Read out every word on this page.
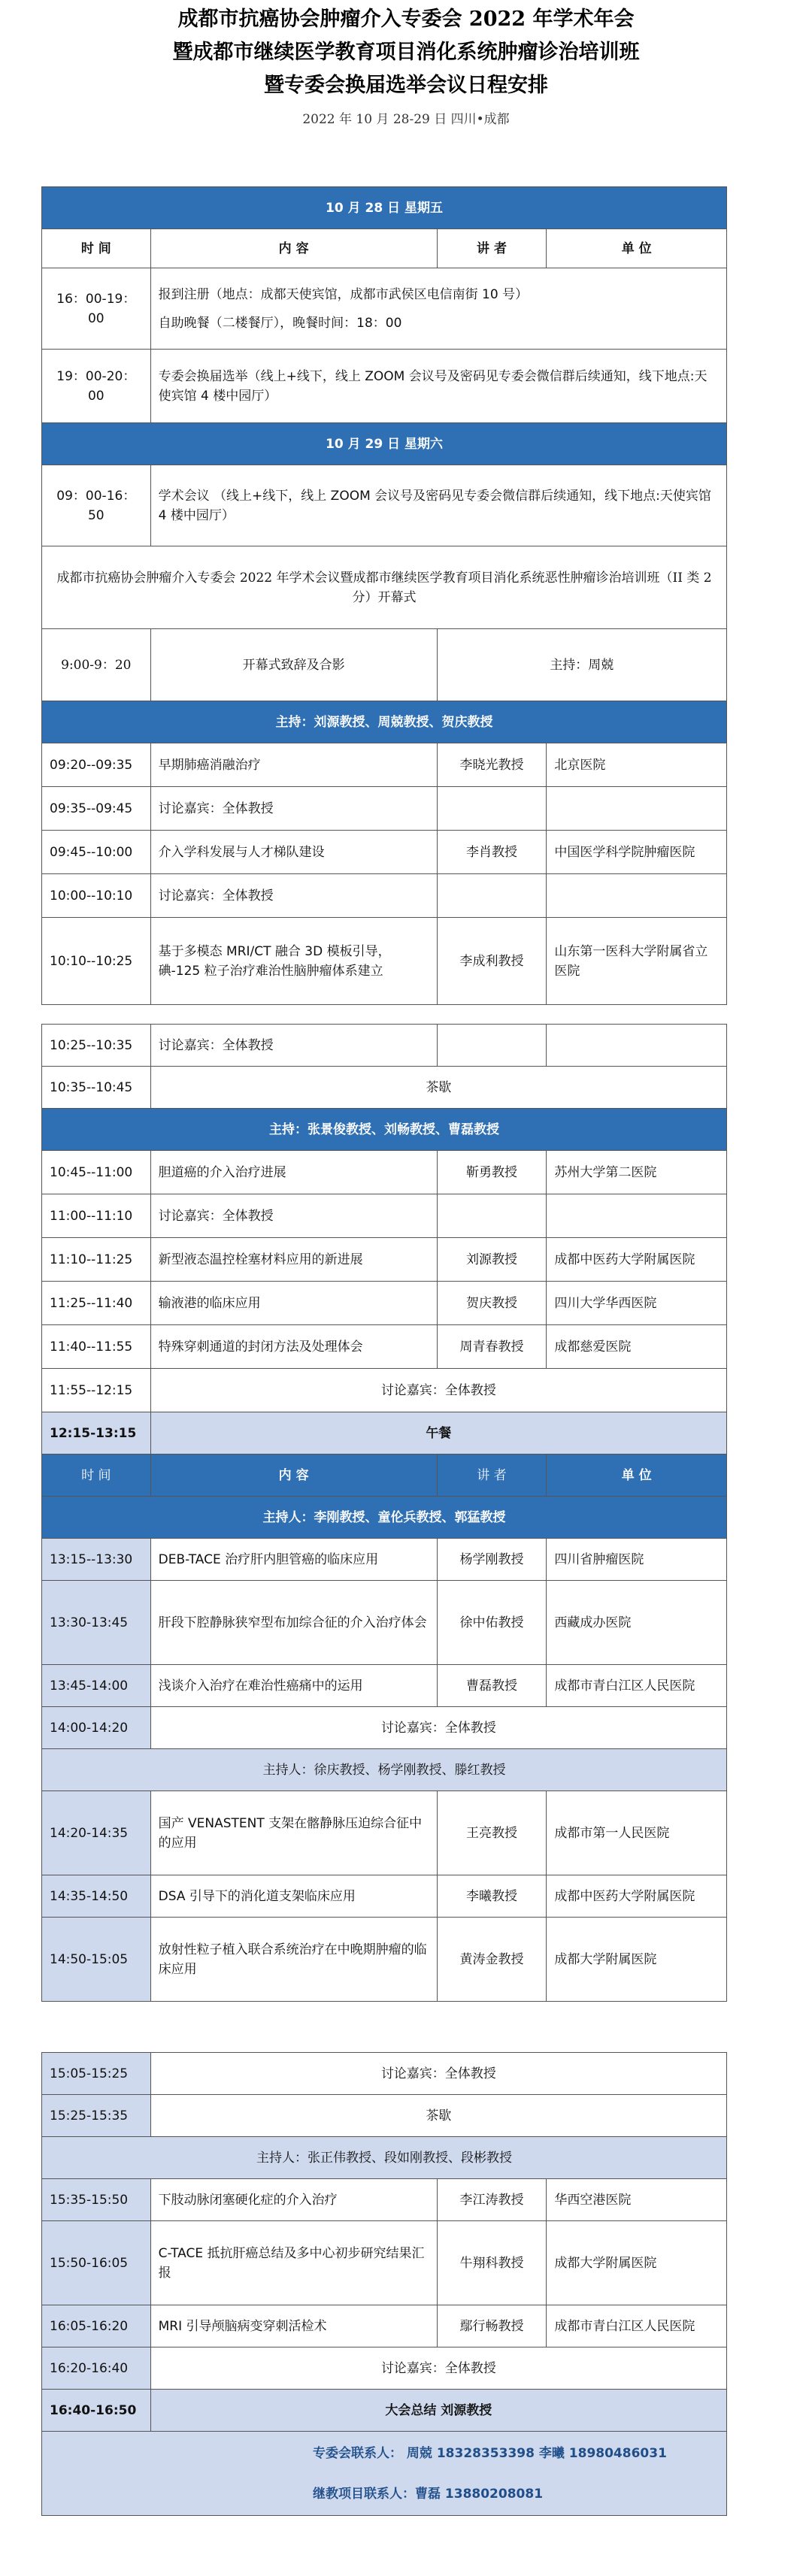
成都市抗癌协会肿瘤介入专委会 2022 年学术年会
暨成都市继续医学教育项目消化系统肿瘤诊治培训班
暨专委会换届选举会议日程安排
2022 年 10 月 28-29 日 四川•成都
10 月 28 日 星期五			
时 间	内 容	讲 者	单 位
16：00-19：00	报到注册（地点：成都天使宾馆，成都市武侯区电信南街 10 号）
自助晚餐（二楼餐厅），晚餐时间：18：00		

19：00-20：00	专委会换届选举（线上+线下，线上 ZOOM 会议号及密码见专委会微信群后续通知，线下地点:天使宾馆 4 楼中园厅）		
10 月 29 日 星期六			
09：00-16：50	学术会议 （线上+线下，线上 ZOOM 会议号及密码见专委会微信群后续通知，线下地点:天使宾馆 4 楼中园厅）		
成都市抗癌协会肿瘤介入专委会 2022 年学术会议暨成都市继续医学教育项目消化系统恶性肿瘤诊治培训班（II 类 2 分）开幕式			
9:00-9：20	开幕式致辞及合影	主持：周兢	
主持：刘源教授、周兢教授、贺庆教授			
09:20--09:35	早期肺癌消融治疗	李晓光教授	北京医院
09:35--09:45	讨论嘉宾：全体教授		
09:45--10:00	介入学科发展与人才梯队建设	李肖教授	中国医学科学院肿瘤医院
10:00--10:10	讨论嘉宾：全体教授		
10:10--10:25	基于多模态 MRI/CT 融合 3D 模板引导，碘-125 粒子治疗难治性脑肿瘤体系建立	李成利教授	山东第一医科大学附属省立医院
10:25--10:35	讨论嘉宾：全体教授		
10:35--10:45	茶歇		
主持：张景俊教授、刘畅教授、曹磊教授			
10:45--11:00	胆道癌的介入治疗进展	靳勇教授	苏州大学第二医院
11:00--11:10	讨论嘉宾：全体教授		
11:10--11:25	新型液态温控栓塞材料应用的新进展	刘源教授	成都中医药大学附属医院
11:25--11:40	输液港的临床应用	贺庆教授	四川大学华西医院
11:40--11:55	特殊穿刺通道的封闭方法及处理体会	周青春教授	成都慈爱医院
11:55--12:15	讨论嘉宾：全体教授		
12:15-13:15	午餐		
时 间	内 容	讲 者	单 位
主持人：李刚教授、童伦兵教授、郭猛教授			
13:15--13:30	DEB-TACE 治疗肝内胆管癌的临床应用	杨学刚教授	四川省肿瘤医院
13:30-13:45	肝段下腔静脉狭窄型布加综合征的介入治疗体会	徐中佑教授	西藏成办医院
13:45-14:00	浅谈介入治疗在难治性癌痛中的运用	曹磊教授	成都市青白江区人民医院
14:00-14:20	讨论嘉宾：全体教授		
主持人：徐庆教授、杨学刚教授、滕红教授			
14:20-14:35	国产 VENASTENT 支架在髂静脉压迫综合征中的应用	王亮教授	成都市第一人民医院
14:35-14:50	DSA 引导下的消化道支架临床应用	李曦教授	成都中医药大学附属医院
14:50-15:05	放射性粒子植入联合系统治疗在中晚期肿瘤的临床应用	黄涛金教授	成都大学附属医院
15:05-15:25	讨论嘉宾：全体教授		
15:25-15:35	茶歇		
主持人：张正伟教授、段如刚教授、段彬教授			
15:35-15:50	下肢动脉闭塞硬化症的介入治疗	李江涛教授	华西空港医院
15:50-16:05	C-TACE 抵抗肝癌总结及多中心初步研究结果汇报	牛翔科教授	成都大学附属医院
16:05-16:20	MRI 引导颅脑病变穿刺活检术	鄢行畅教授	成都市青白江区人民医院
16:20-16:40	讨论嘉宾：全体教授		
16:40-16:50	大会总结 刘源教授		

专委会联系人： 周兢 18328353398 李曦 18980486031
继教项目联系人：曹磊 13880208081			
